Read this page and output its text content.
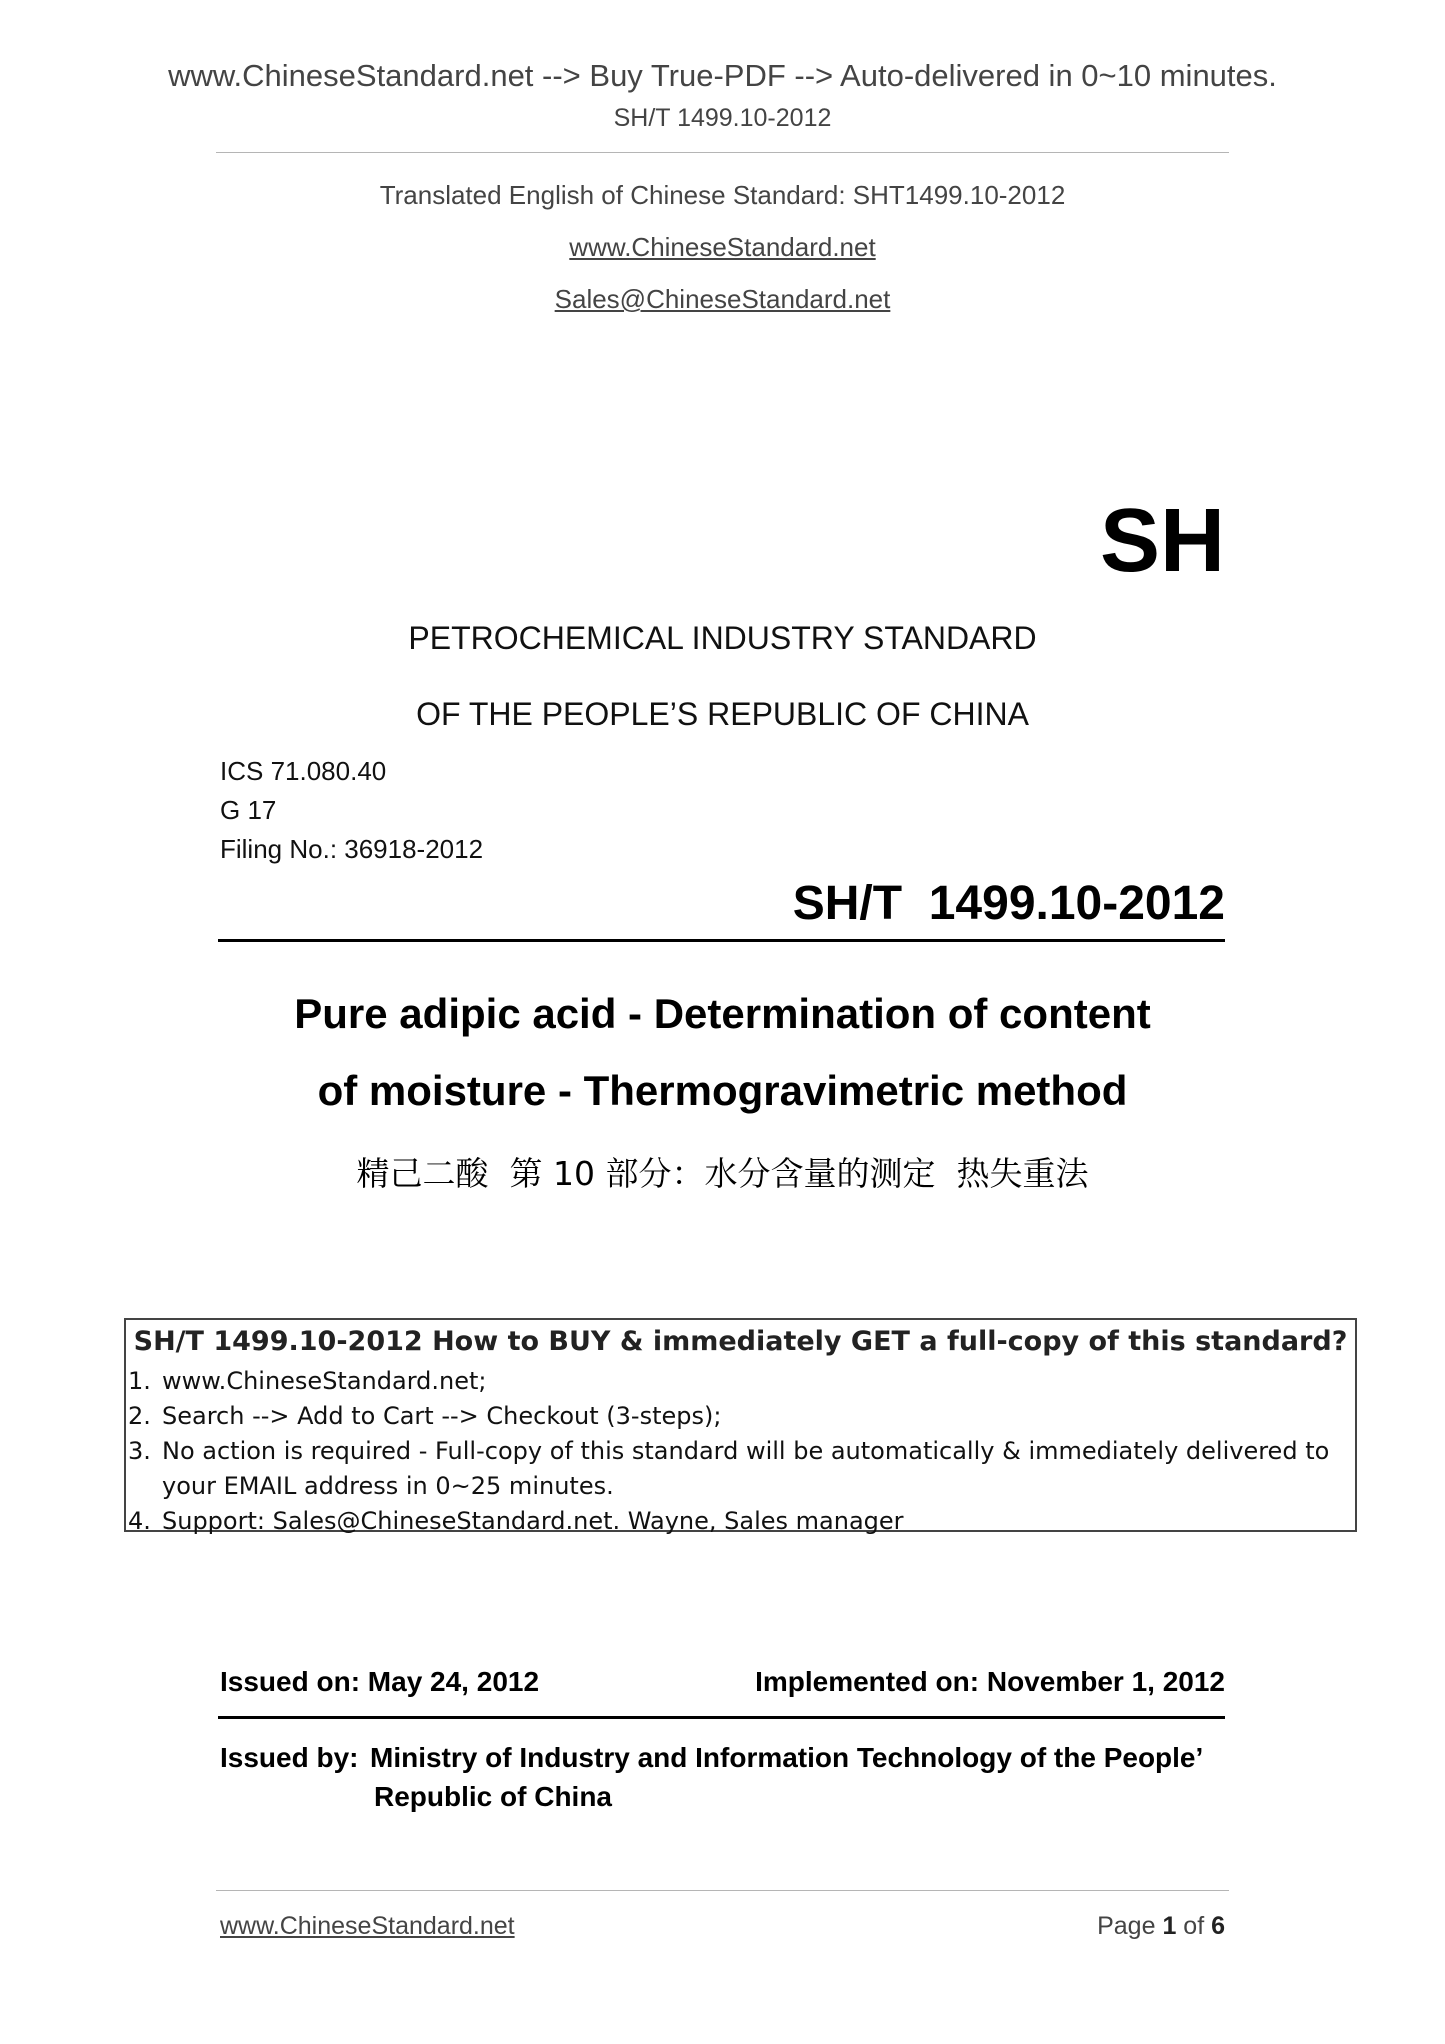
www.ChineseStandard.net --> Buy True-PDF --> Auto-delivered in 0~10 minutes.
SH/T 1499.10-2012
Translated English of Chinese Standard: SHT1499.10-2012
www.ChineseStandard.net
Sales@ChineseStandard.net
SH
PETROCHEMICAL INDUSTRY STANDARD
OF THE PEOPLE’S REPUBLIC OF CHINA
ICS 71.080.40
G 17
Filing No.: 36918-2012
SH/T  1499.10-2012
Pure adipic acid - Determination of content
of moisture - Thermogravimetric method
精己二酸  第 10 部分：水分含量的测定  热失重法
SH/T 1499.10-2012 How to BUY & immediately GET a full-copy of this standard?
1. www.ChineseStandard.net;
2. Search --> Add to Cart --> Checkout (3-steps);
3. No action is required - Full-copy of this standard will be automatically & immediately delivered to your EMAIL address in 0~25 minutes.
4. Support: Sales@ChineseStandard.net. Wayne, Sales manager
Issued on: May 24, 2012	Implemented on: November 1, 2012
Issued by: Ministry of Industry and Information Technology of the People’
Republic of China
www.ChineseStandard.net	Page 1 of 6
